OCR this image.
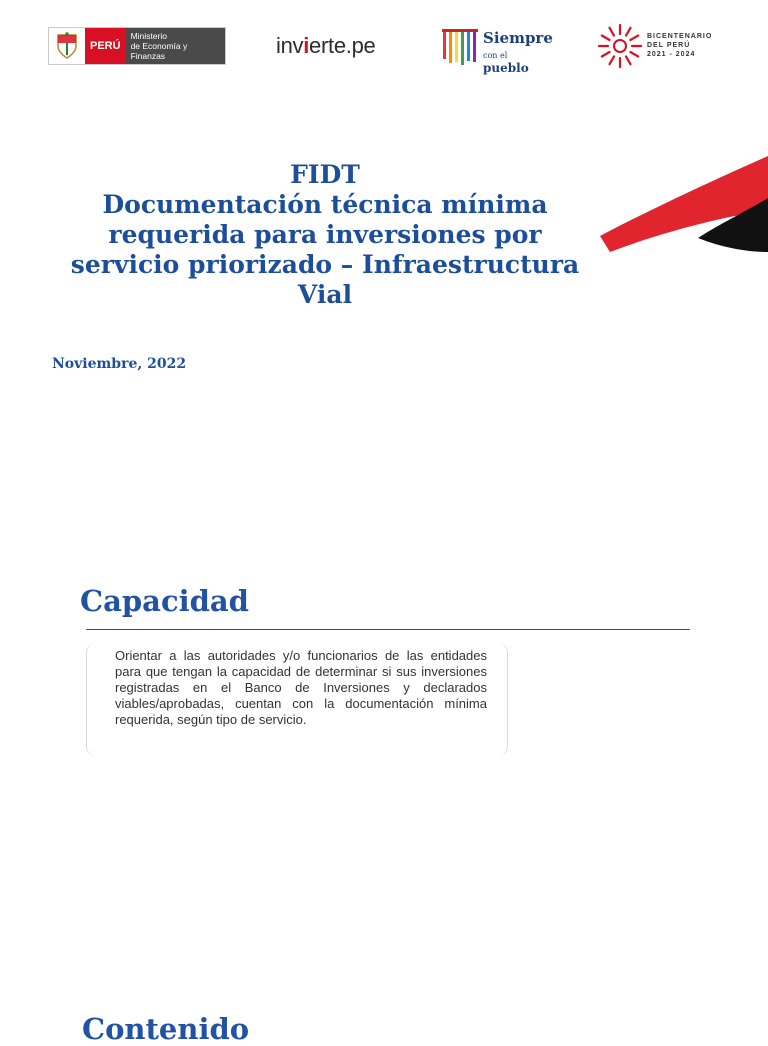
PERÚ
Ministerio
de Economía y Finanzas	invierte.pe	Siempre
con el pueblo
BICENTENARIO
DEL PERÚ
2021 - 2024
FIDT
Documentación técnica mínima requerida para inversiones por servicio priorizado – Infraestructura Vial
Noviembre, 2022
Capacidad

Orientar a las autoridades y/o funcionarios de las entidades para que tengan la capacidad de determinar si sus inversiones registradas en el Banco de Inversiones y declarados viables/aprobadas, cuentan con la documentación mínima requerida, según tipo de servicio.

Contenido
